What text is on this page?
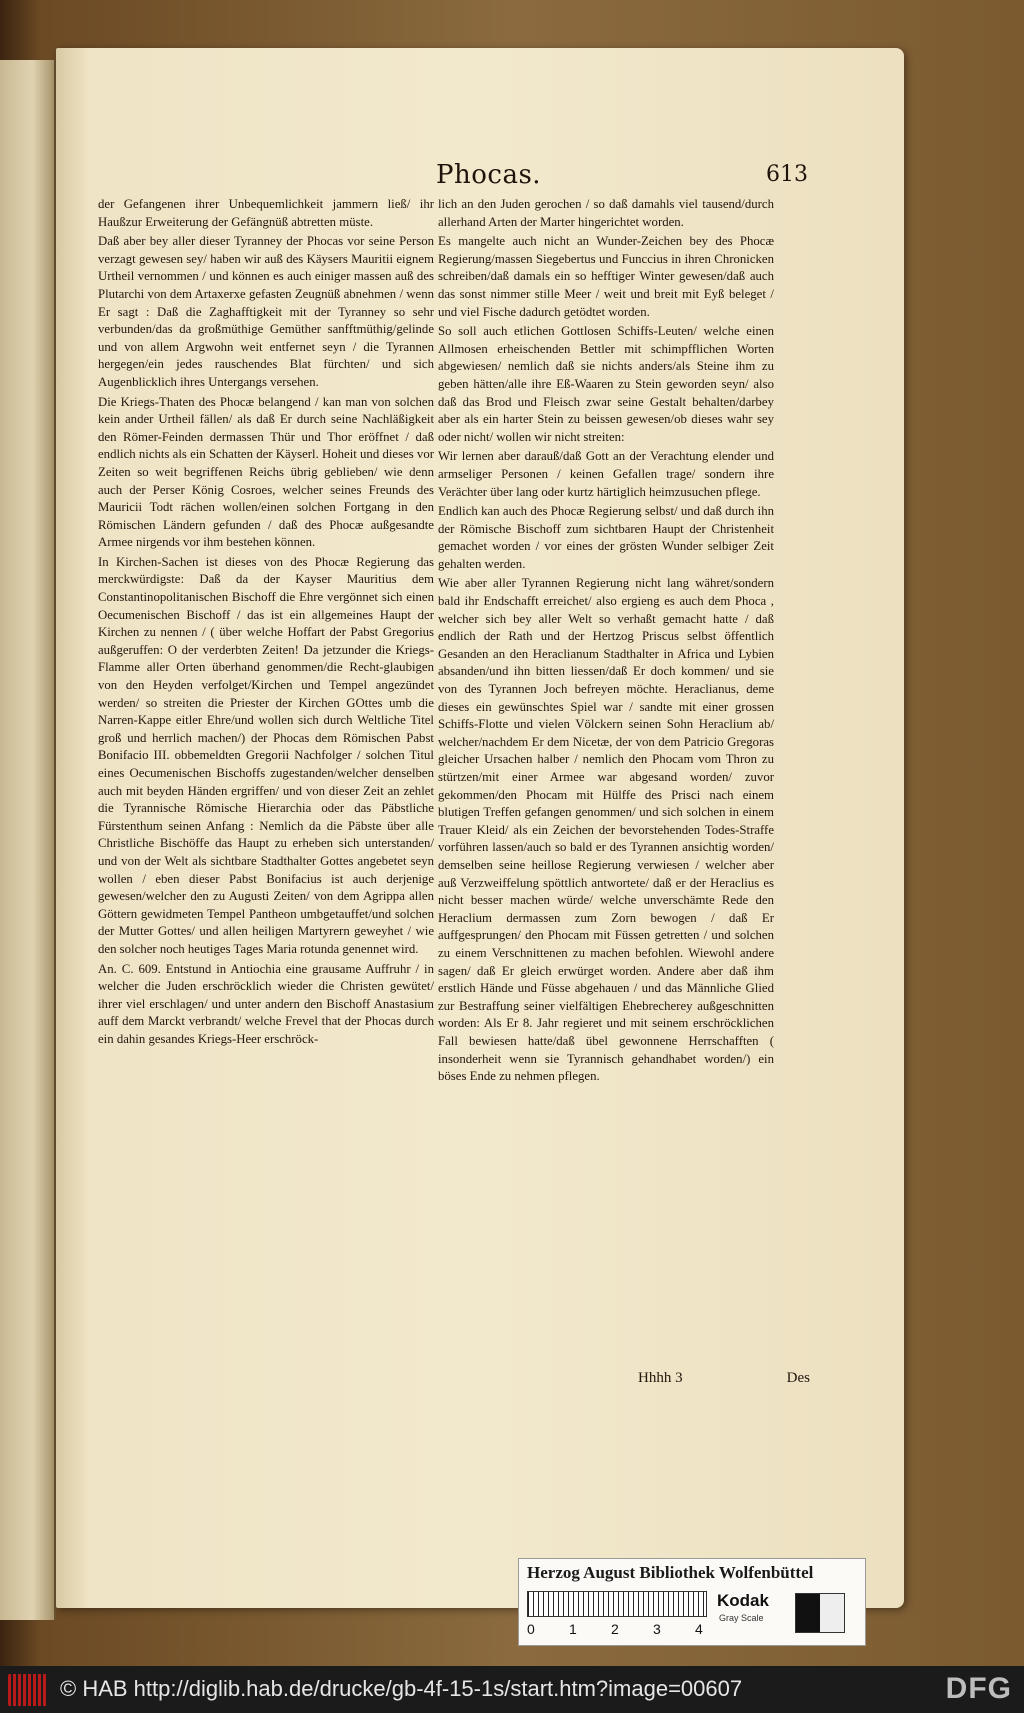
Phocas.	613

der Gefangenen ihrer Unbequemlichkeit jammern ließ/ ihr Haußzur Erweiterung der Gefängnüß abtretten müste.

Daß aber bey aller dieser Tyranney der Phocas vor seine Person verzagt gewesen sey/ haben wir auß des Käysers Mauritii eignem Urtheil vernommen / und können es auch einiger massen auß des Plutarchi von dem Artaxerxe gefasten Zeugnüß abnehmen / wenn Er sagt : Daß die Zaghafftigkeit mit der Tyranney so sehr verbunden/das da großmüthige Gemüther sanfftmüthig/gelinde und von allem Argwohn weit entfernet seyn / die Tyrannen hergegen/ein jedes rauschendes Blat fürchten/ und sich Augenblicklich ihres Untergangs versehen.

Die Kriegs-Thaten des Phocæ belangend / kan man von solchen kein ander Urtheil fällen/ als daß Er durch seine Nachläßigkeit den Römer-Feinden dermassen Thür und Thor eröffnet / daß endlich nichts als ein Schatten der Käyserl. Hoheit und dieses vor Zeiten so weit begriffenen Reichs übrig geblieben/ wie denn auch der Perser König Cosroes, welcher seines Freunds des Mauricii Todt rächen wollen/einen solchen Fortgang in den Römischen Ländern gefunden / daß des Phocæ außgesandte Armee nirgends vor ihm bestehen können.

In Kirchen-Sachen ist dieses von des Phocæ Regierung das merckwürdigste: Daß da der Kayser Mauritius dem Constantinopolitanischen Bischoff die Ehre vergönnet sich einen Oecumenischen Bischoff / das ist ein allgemeines Haupt der Kirchen zu nennen / ( über welche Hoffart der Pabst Gregorius außgeruffen: O der verderbten Zeiten! Da jetzunder die Kriegs-Flamme aller Orten überhand genommen/die Recht-glaubigen von den Heyden verfolget/Kirchen und Tempel angezündet werden/ so streiten die Priester der Kirchen GOttes umb die Narren-Kappe eitler Ehre/und wollen sich durch Weltliche Titel groß und herrlich machen/) der Phocas dem Römischen Pabst Bonifacio III. obbemeldten Gregorii Nachfolger / solchen Titul eines Oecumenischen Bischoffs zugestanden/welcher denselben auch mit beyden Händen ergriffen/ und von dieser Zeit an zehlet die Tyrannische Römische Hierarchia oder das Päbstliche Fürstenthum seinen Anfang : Nemlich da die Päbste über alle Christliche Bischöffe das Haupt zu erheben sich unterstanden/ und von der Welt als sichtbare Stadthalter Gottes angebetet seyn wollen / eben dieser Pabst Bonifacius ist auch derjenige gewesen/welcher den zu Augusti Zeiten/ von dem Agrippa allen Göttern gewidmeten Tempel Pantheon umbgetauffet/und solchen der Mutter Gottes/ und allen heiligen Martyrern geweyhet / wie den solcher noch heutiges Tages Maria rotunda genennet wird.

An. C. 609. Entstund in Antiochia eine grausame Auffruhr / in welcher die Juden erschröcklich wieder die Christen gewütet/ ihrer viel erschlagen/ und unter andern den Bischoff Anastasium auff dem Marckt verbrandt/ welche Frevel that der Phocas durch ein dahin gesandes Kriegs-Heer erschröck-

lich an den Juden gerochen / so daß damahls viel tausend/durch allerhand Arten der Marter hingerichtet worden.

Es mangelte auch nicht an Wunder-Zeichen bey des Phocæ Regierung/massen Siegebertus und Funccius in ihren Chronicken schreiben/daß damals ein so hefftiger Winter gewesen/daß auch das sonst nimmer stille Meer / weit und breit mit Eyß beleget / und viel Fische dadurch getödtet worden.

So soll auch etlichen Gottlosen Schiffs-Leuten/ welche einen Allmosen erheischenden Bettler mit schimpfflichen Worten abgewiesen/ nemlich daß sie nichts anders/als Steine ihm zu geben hätten/alle ihre Eß-Waaren zu Stein geworden seyn/ also daß das Brod und Fleisch zwar seine Gestalt behalten/darbey aber als ein harter Stein zu beissen gewesen/ob dieses wahr sey oder nicht/ wollen wir nicht streiten:

Wir lernen aber darauß/daß Gott an der Verachtung elender und armseliger Personen / keinen Gefallen trage/ sondern ihre Verächter über lang oder kurtz härtiglich heimzusuchen pflege.

Endlich kan auch des Phocæ Regierung selbst/ und daß durch ihn der Römische Bischoff zum sichtbaren Haupt der Christenheit gemachet worden / vor eines der grösten Wunder selbiger Zeit gehalten werden.

Wie aber aller Tyrannen Regierung nicht lang währet/sondern bald ihr Endschafft erreichet/ also ergieng es auch dem Phoca , welcher sich bey aller Welt so verhaßt gemacht hatte / daß endlich der Rath und der Hertzog Priscus selbst öffentlich Gesanden an den Heraclianum Stadthalter in Africa und Lybien absanden/und ihn bitten liessen/daß Er doch kommen/ und sie von des Tyrannen Joch befreyen möchte. Heraclianus, deme dieses ein gewünschtes Spiel war / sandte mit einer grossen Schiffs-Flotte und vielen Völckern seinen Sohn Heraclium ab/ welcher/nachdem Er dem Nicetæ, der von dem Patricio Gregoras gleicher Ursachen halber / nemlich den Phocam vom Thron zu stürtzen/mit einer Armee war abgesand worden/ zuvor gekommen/den Phocam mit Hülffe des Prisci nach einem blutigen Treffen gefangen genommen/ und sich solchen in einem Trauer Kleid/ als ein Zeichen der bevorstehenden Todes-Straffe vorführen lassen/auch so bald er des Tyrannen ansichtig worden/ demselben seine heillose Regierung verwiesen / welcher aber auß Verzweiffelung spöttlich antwortete/ daß er der Heraclius es nicht besser machen würde/ welche unverschämte Rede den Heraclium dermassen zum Zorn bewogen / daß Er auffgesprungen/ den Phocam mit Füssen getretten / und solchen zu einem Verschnittenen zu machen befohlen. Wiewohl andere sagen/ daß Er gleich erwürget worden. Andere aber daß ihm erstlich Hände und Füsse abgehauen / und das Männliche Glied zur Bestraffung seiner vielfältigen Ehebrecherey außgeschnitten worden: Als Er 8. Jahr regieret und mit seinem erschröcklichen Fall bewiesen hatte/daß übel gewonnene Herrschafften ( insonderheit wenn sie Tyrannisch gehandhabet worden/) ein böses Ende zu nehmen pflegen.

Hhhh 3	Des
Herzog August Bibliothek Wolfenbüttel
0 1 2 3 4
Kodak
Gray Scale
© HAB http://diglib.hab.de/drucke/gb-4f-15-1s/start.htm?image=00607	DFG
